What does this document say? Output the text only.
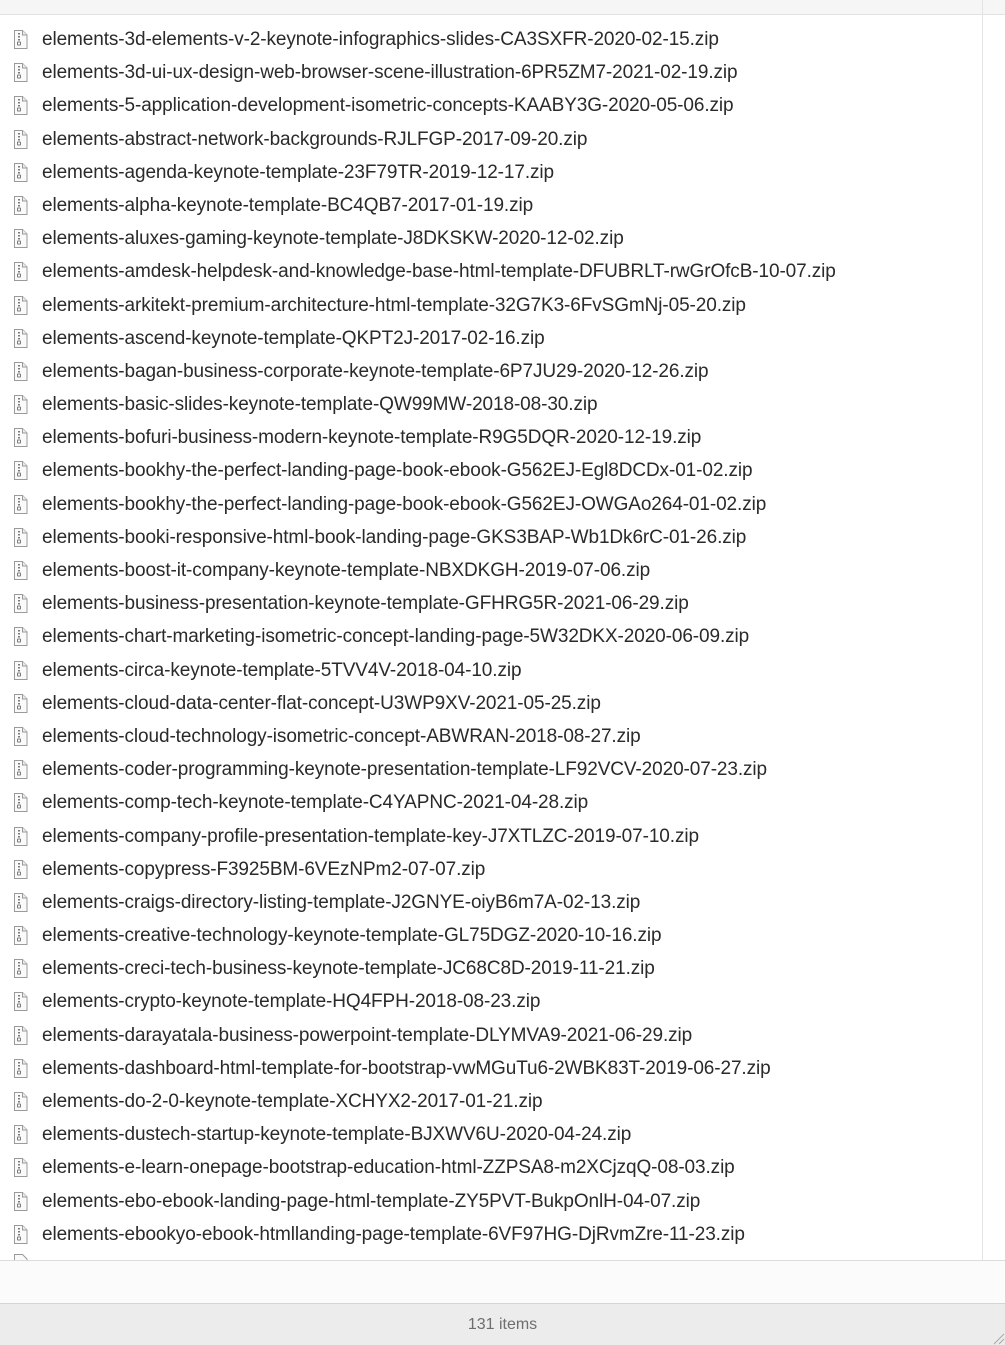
elements-3d-elements-v-2-keynote-infographics-slides-CA3SXFR-2020-02-15.zip
elements-3d-ui-ux-design-web-browser-scene-illustration-6PR5ZM7-2021-02-19.zip
elements-5-application-development-isometric-concepts-KAABY3G-2020-05-06.zip
elements-abstract-network-backgrounds-RJLFGP-2017-09-20.zip
elements-agenda-keynote-template-23F79TR-2019-12-17.zip
elements-alpha-keynote-template-BC4QB7-2017-01-19.zip
elements-aluxes-gaming-keynote-template-J8DKSKW-2020-12-02.zip
elements-amdesk-helpdesk-and-knowledge-base-html-template-DFUBRLT-rwGrOfcB-10-07.zip
elements-arkitekt-premium-architecture-html-template-32G7K3-6FvSGmNj-05-20.zip
elements-ascend-keynote-template-QKPT2J-2017-02-16.zip
elements-bagan-business-corporate-keynote-template-6P7JU29-2020-12-26.zip
elements-basic-slides-keynote-template-QW99MW-2018-08-30.zip
elements-bofuri-business-modern-keynote-template-R9G5DQR-2020-12-19.zip
elements-bookhy-the-perfect-landing-page-book-ebook-G562EJ-Egl8DCDx-01-02.zip
elements-bookhy-the-perfect-landing-page-book-ebook-G562EJ-OWGAo264-01-02.zip
elements-booki-responsive-html-book-landing-page-GKS3BAP-Wb1Dk6rC-01-26.zip
elements-boost-it-company-keynote-template-NBXDKGH-2019-07-06.zip
elements-business-presentation-keynote-template-GFHRG5R-2021-06-29.zip
elements-chart-marketing-isometric-concept-landing-page-5W32DKX-2020-06-09.zip
elements-circa-keynote-template-5TVV4V-2018-04-10.zip
elements-cloud-data-center-flat-concept-U3WP9XV-2021-05-25.zip
elements-cloud-technology-isometric-concept-ABWRAN-2018-08-27.zip
elements-coder-programming-keynote-presentation-template-LF92VCV-2020-07-23.zip
elements-comp-tech-keynote-template-C4YAPNC-2021-04-28.zip
elements-company-profile-presentation-template-key-J7XTLZC-2019-07-10.zip
elements-copypress-F3925BM-6VEzNPm2-07-07.zip
elements-craigs-directory-listing-template-J2GNYE-oiyB6m7A-02-13.zip
elements-creative-technology-keynote-template-GL75DGZ-2020-10-16.zip
elements-creci-tech-business-keynote-template-JC68C8D-2019-11-21.zip
elements-crypto-keynote-template-HQ4FPH-2018-08-23.zip
elements-darayatala-business-powerpoint-template-DLYMVA9-2021-06-29.zip
elements-dashboard-html-template-for-bootstrap-vwMGuTu6-2WBK83T-2019-06-27.zip
elements-do-2-0-keynote-template-XCHYX2-2017-01-21.zip
elements-dustech-startup-keynote-template-BJXWV6U-2020-04-24.zip
elements-e-learn-onepage-bootstrap-education-html-ZZPSA8-m2XCjzqQ-08-03.zip
elements-ebo-ebook-landing-page-html-template-ZY5PVT-BukpOnlH-04-07.zip
elements-ebookyo-ebook-htmllanding-page-template-6VF97HG-DjRvmZre-11-23.zip
131 items
